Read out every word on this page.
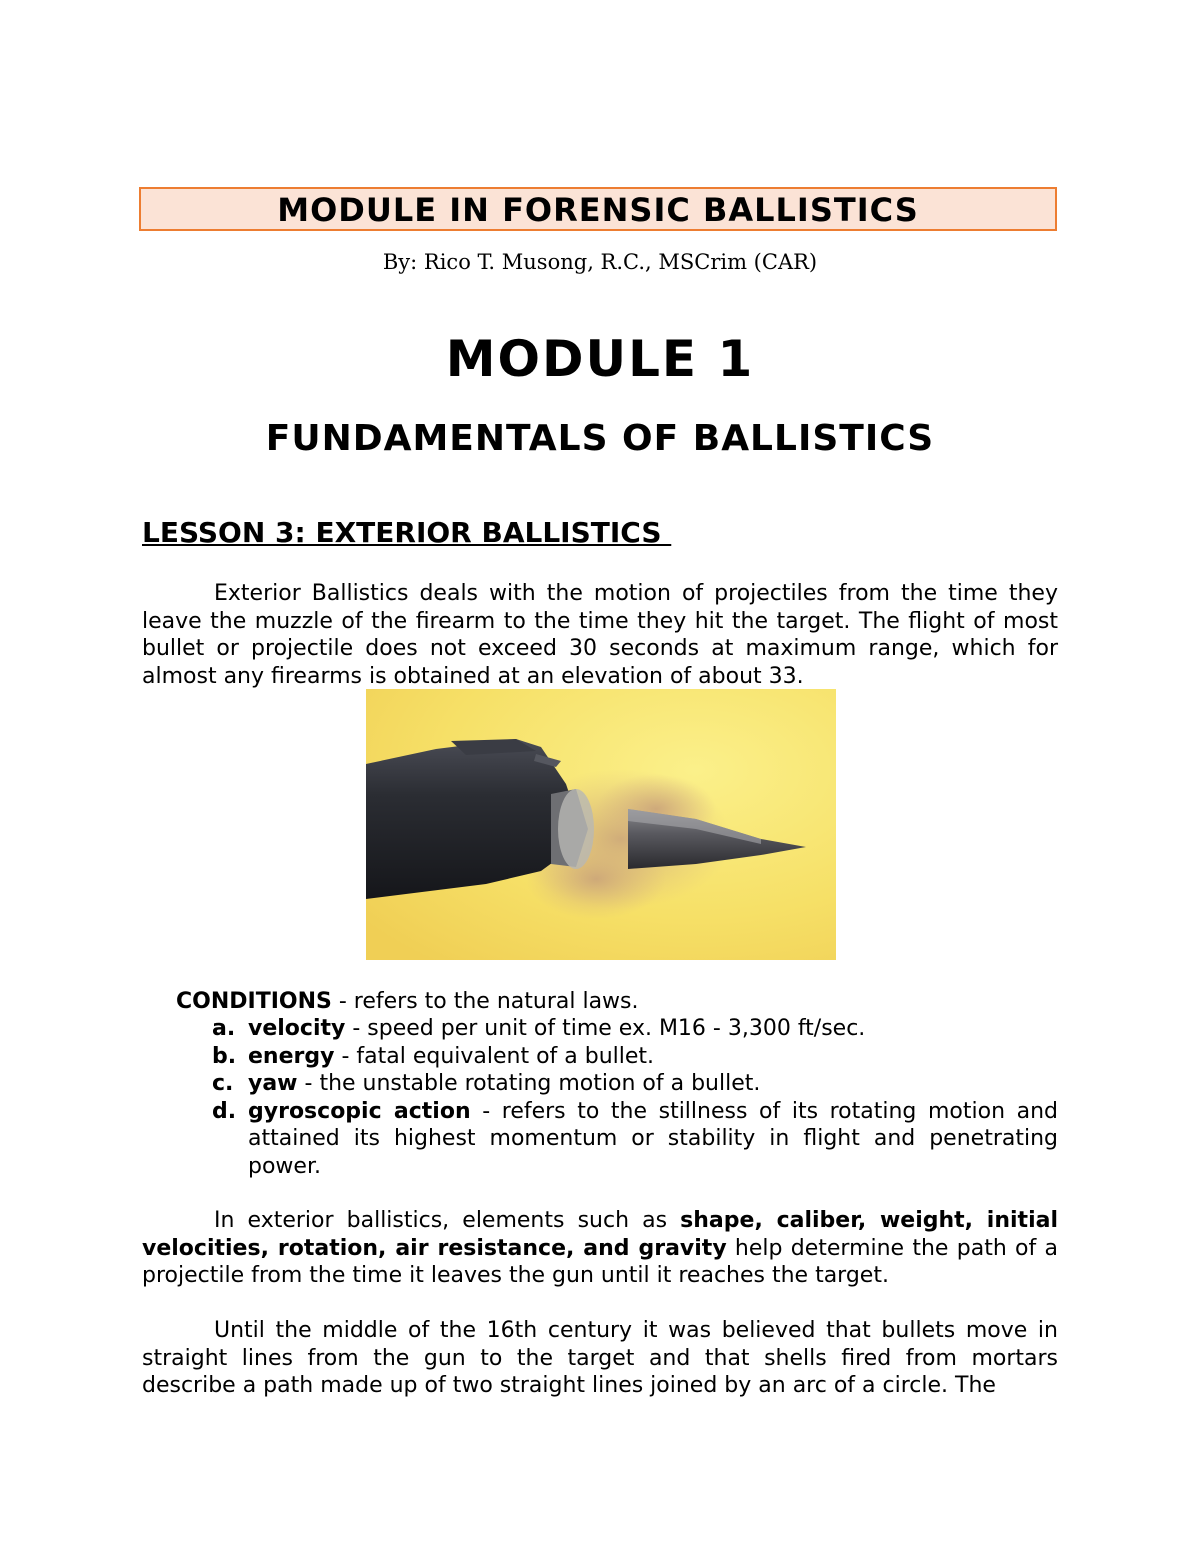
MODULE IN FORENSIC BALLISTICS
By: Rico T. Musong, R.C., MSCrim (CAR)
MODULE 1
FUNDAMENTALS OF BALLISTICS
LESSON 3: EXTERIOR BALLISTICS
Exterior Ballistics deals with the motion of projectiles from the time they leave the muzzle of the firearm to the time they hit the target. The flight of most bullet or projectile does not exceed 30 seconds at maximum range, which for almost any firearms is obtained at an elevation of about 33.
CONDITIONS - refers to the natural laws.
a. velocity - speed per unit of time ex. M16 - 3,300 ft/sec.
b. energy - fatal equivalent of a bullet.
c. yaw - the unstable rotating motion of a bullet.
d. gyroscopic action - refers to the stillness of its rotating motion and attained its highest momentum or stability in flight and penetrating power.
In exterior ballistics, elements such as shape, caliber, weight, initial velocities, rotation, air resistance, and gravity help determine the path of a projectile from the time it leaves the gun until it reaches the target.
Until the middle of the 16th century it was believed that bullets move in straight lines from the gun to the target and that shells fired from mortars describe a path made up of two straight lines joined by an arc of a circle. The
